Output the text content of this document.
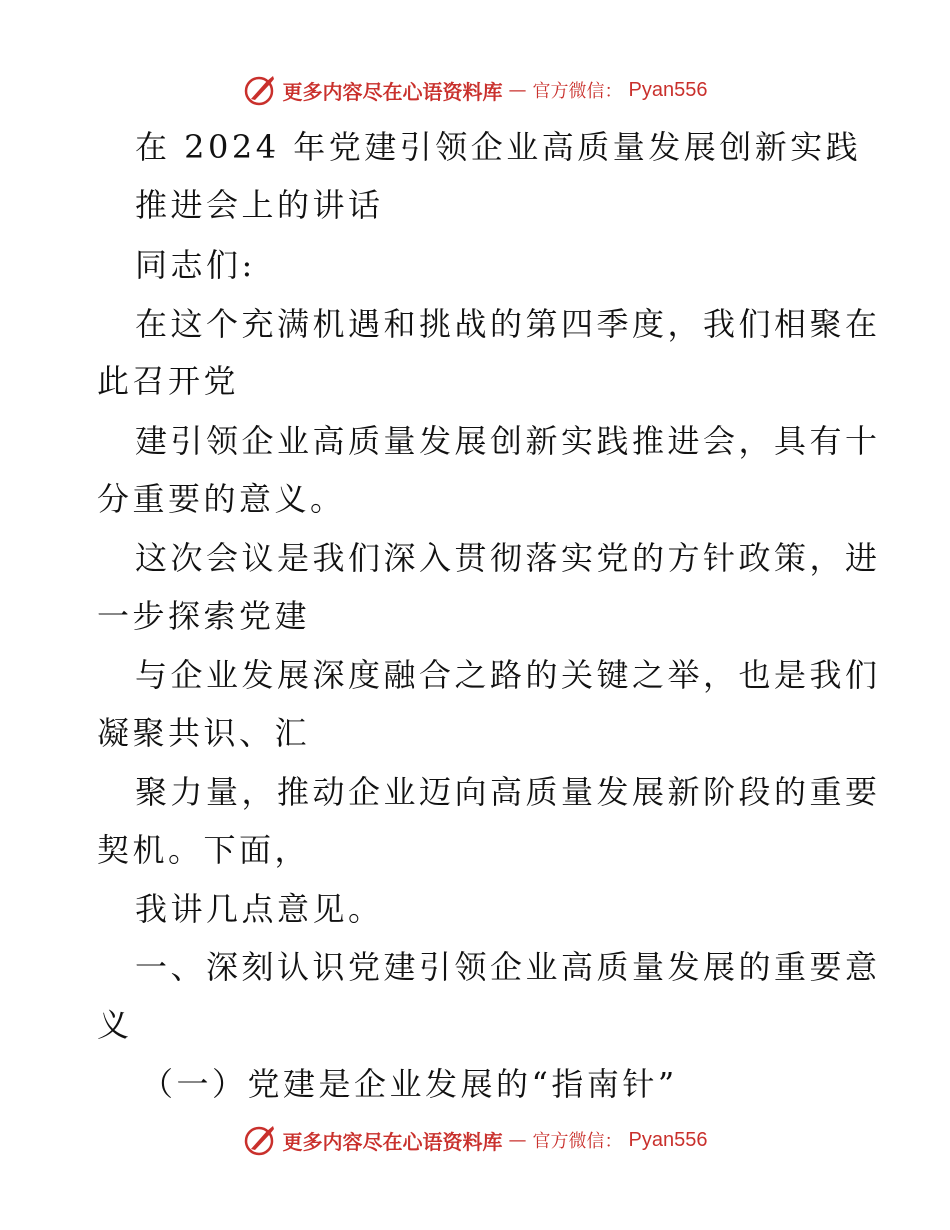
更多内容尽在心语资料库 — 官方微信： Pyan556
在 2024 年党建引领企业高质量发展创新实践
推进会上的讲话
同志们:
在这个充满机遇和挑战的第四季度，我们相聚在
此召开党
建引领企业高质量发展创新实践推进会，具有十
分重要的意义。
这次会议是我们深入贯彻落实党的方针政策，进
一步探索党建
与企业发展深度融合之路的关键之举，也是我们
凝聚共识、汇
聚力量，推动企业迈向高质量发展新阶段的重要
契机。下面，
我讲几点意见。
一、深刻认识党建引领企业高质量发展的重要意
义
（一）党建是企业发展的“指南针”
更多内容尽在心语资料库 — 官方微信： Pyan556
